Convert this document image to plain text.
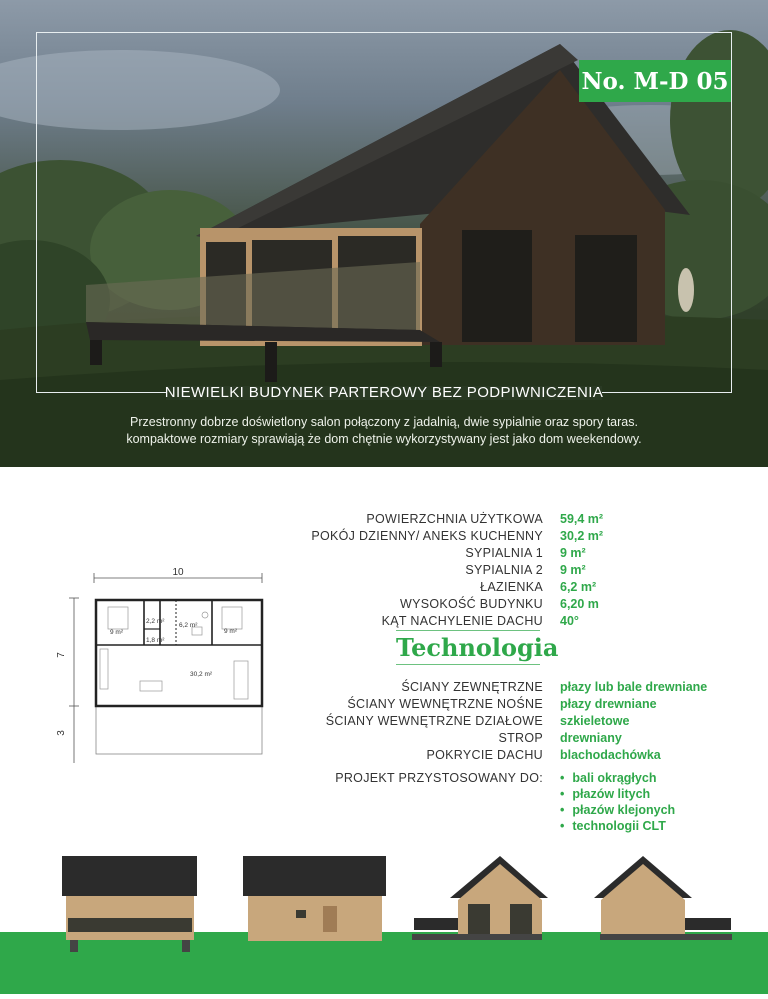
No. M-D 05
NIEWIELKI BUDYNEK PARTEROWY BEZ PODPIWNICZENIA
Przestronny dobrze doświetlony salon połączony z jadalnią, dwie sypialnie oraz spory taras.
kompaktowe rozmiary sprawiają że dom chętnie wykorzystywany jest jako dom weekendowy.
10
7
3
9 m²
2,2 m²
6,2 m²
9 m²
1,8 m²
30,2 m²
POWIERZCHNIA UŻYTKOWA 59,4 m²
POKÓJ DZIENNY/ ANEKS KUCHENNY 30,2 m²
SYPIALNIA 1 9 m²
SYPIALNIA 2 9 m²
ŁAZIENKA 6,2 m²
WYSOKOŚĆ BUDYNKU 6,20 m
KĄT NACHYLENIE DACHU 40°
Technologia
ŚCIANY ZEWNĘTRZNE płazy lub bale drewniane
ŚCIANY WEWNĘTRZNE NOŚNE płazy drewniane
ŚCIANY WEWNĘTRZNE DZIAŁOWE szkieletowe
STROP drewniany
POKRYCIE DACHU blachodachówka
PROJEKT PRZYSTOSOWANY DO:
•	bali okrągłych
• płazów litych
• płazów klejonych
• technologii CLT
